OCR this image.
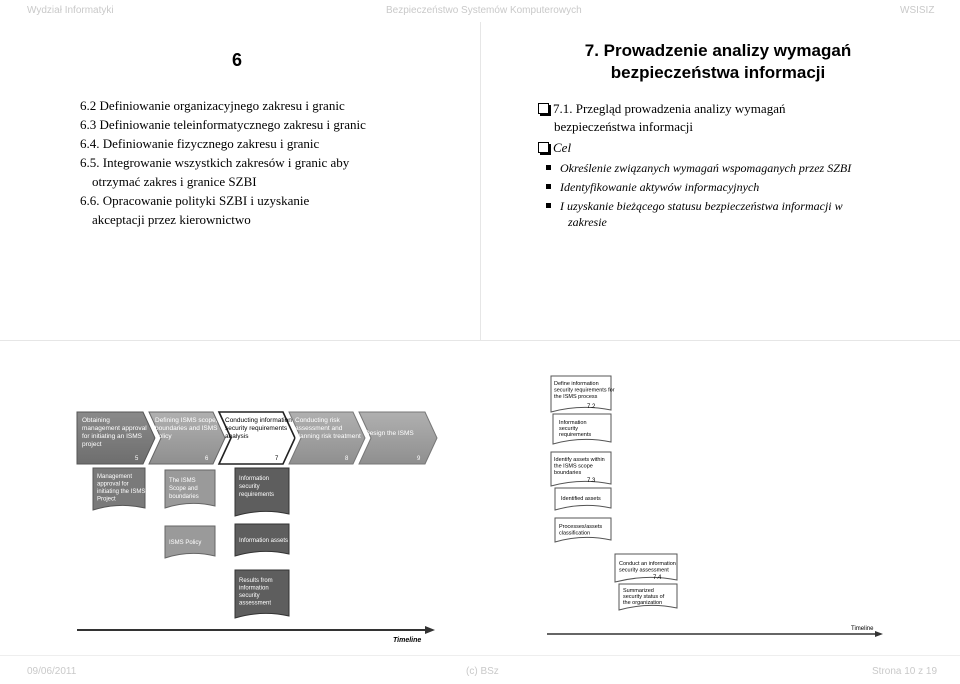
Wydział Informatyki	Bezpieczeństwo Systemów Komputerowych	WSISIZ
6
6.2 Definiowanie organizacyjnego zakresu i granic
6.3 Definiowanie teleinformatycznego zakresu i granic
6.4. Definiowanie fizycznego zakresu i granic
6.5. Integrowanie wszystkich zakresów i granic aby
otrzymać zakres i granice SZBI
6.6. Opracowanie polityki SZBI i uzyskanie
akceptacji przez kierownictwo
7. Prowadzenie analizy wymagań
bezpieczeństwa informacji
7.1. Przegląd prowadzenia analizy wymagań
bezpieczeństwa informacji
Cel
Określenie związanych wymagań wspomaganych przez SZBI
Identyfikowanie aktywów informacyjnych
I uzyskanie bieżącego statusu bezpieczeństwa informacji w
zakresie
Obtaining management approval for initiating an ISMS project
5
Defining ISMS scope, boundaries and ISMS policy
6
Conducting information security requirements analysis
7
Conducting risk assessment and planning risk treatment
8
Design the ISMS
9
Management approval for initiating the ISMS Project
The ISMS Scope and boundaries
ISMS Policy
Information security requirements
Information assets
Results from information security assessment
Timeline
Define information security requirements for the ISMS process
7.2
Information security requirements
Identify assets within the ISMS scope boundaries
7.3
Identified assets
Processes/assets classification
Conduct an information security assessment
7.4
Summarized security status of the organization
Timeline
09/06/2011	(c) BSz	Strona 10 z 19
